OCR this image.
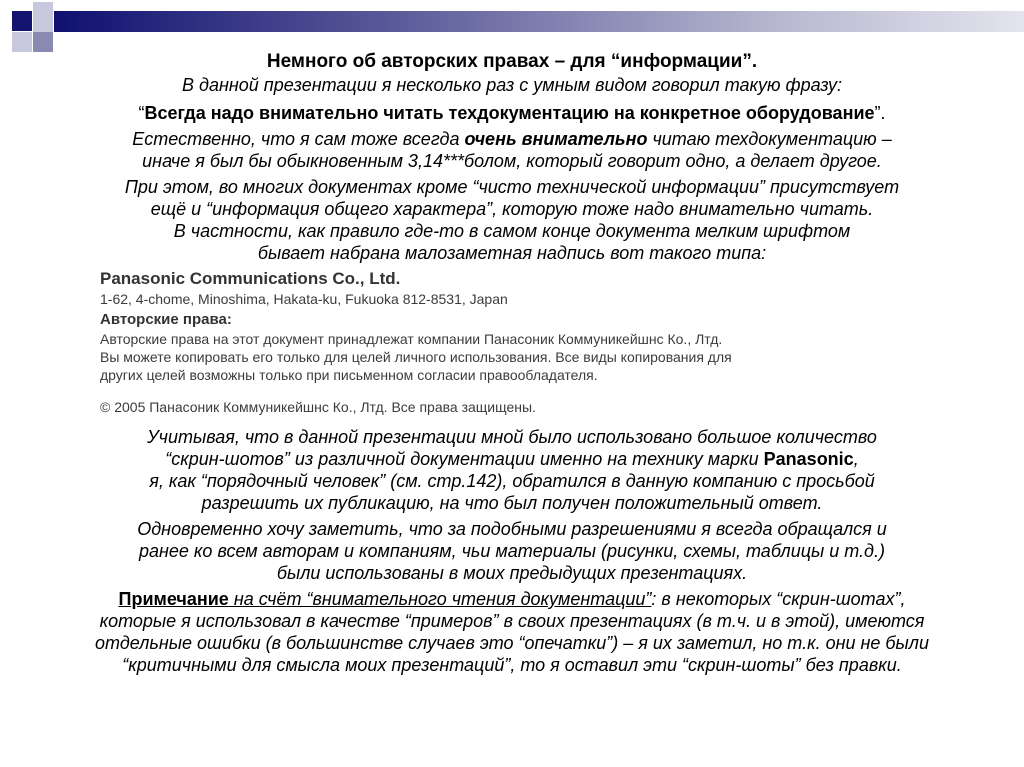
Немного об авторских правах – для “информации”.
В данной презентации я несколько раз с умным видом говорил такую фразу:
“Всегда надо внимательно читать техдокументацию на конкретное оборудование”.
Естественно, что я сам тоже всегда очень внимательно читаю техдокументацию –
иначе я был бы обыкновенным 3,14***болом, который говорит одно, а делает другое.
При этом, во многих документах кроме “чисто технической информации” присутствует
ещё и “информация общего характера”, которую тоже надо внимательно читать.
В частности, как правило где-то в самом конце документа мелким шрифтом
бывает набрана малозаметная надпись вот такого типа:
Panasonic Communications Co., Ltd.
1-62, 4-chome, Minoshima, Hakata-ku, Fukuoka 812-8531, Japan
Авторские права:
Авторские права на этот документ принадлежат компании Панасоник Коммуникейшнс Ко., Лтд.
Вы можете копировать его только для целей личного использования. Все виды копирования для
других целей возможны только при письменном согласии правообладателя.
© 2005 Панасоник Коммуникейшнс Ко., Лтд. Все права защищены.
Учитывая, что в данной презентации мной было использовано большое количество
“скрин-шотов” из различной документации именно на технику марки Panasonic,
я, как “порядочный человек” (см. стр.142), обратился в данную компанию с просьбой
разрешить их публикацию, на что был получен положительный ответ.
Одновременно хочу заметить, что за подобными разрешениями я всегда обращался и
ранее ко всем авторам и компаниям, чьи материалы (рисунки, схемы, таблицы и т.д.)
были использованы в моих предыдущих презентациях.
Примечание на счёт “внимательного чтения документации”: в некоторых “скрин-шотах”,
которые я использовал в качестве “примеров” в своих презентациях (в т.ч. и в этой), имеются
отдельные ошибки (в большинстве случаев это “опечатки”) – я их заметил, но т.к. они не были
“критичными для смысла моих презентаций”, то я оставил эти “скрин-шоты” без правки.
